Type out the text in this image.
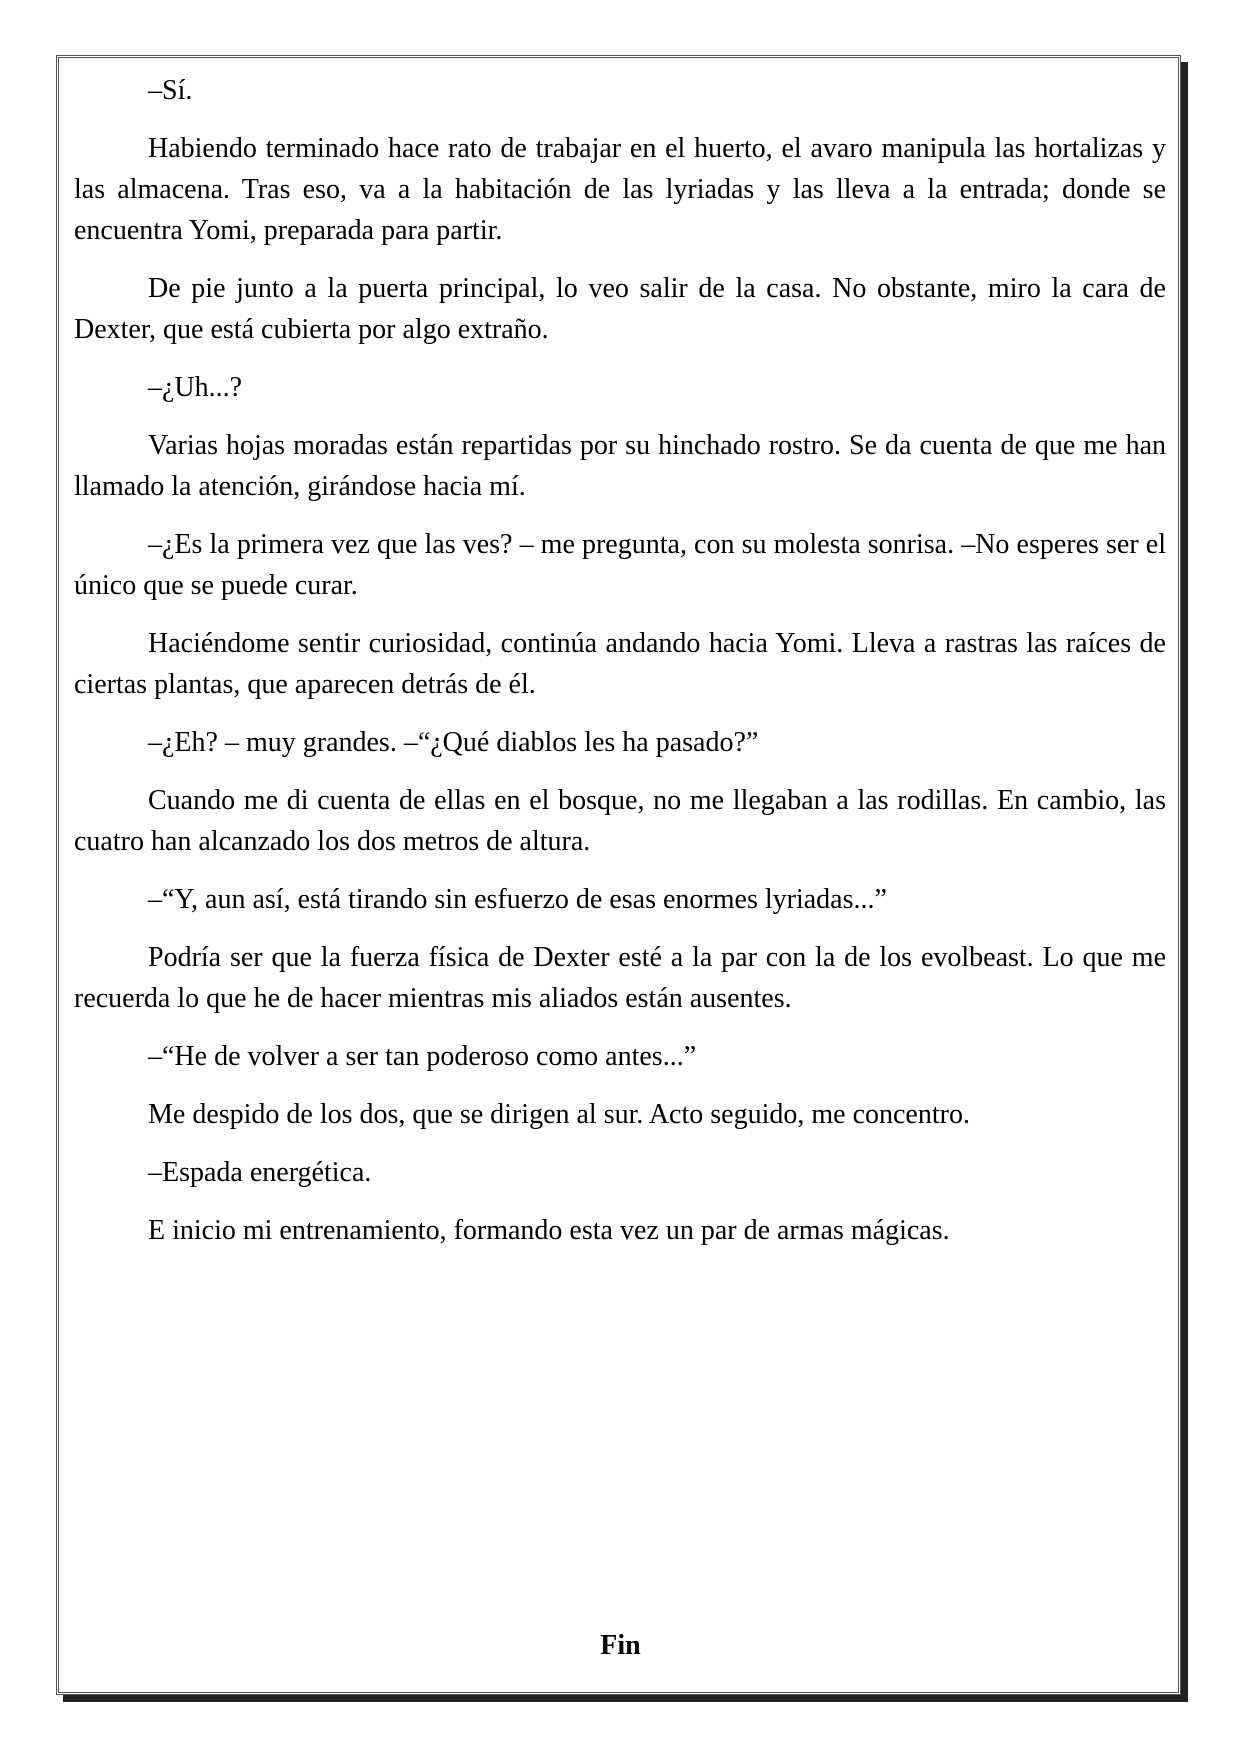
–Sí.

Habiendo terminado hace rato de trabajar en el huerto, el avaro manipula las hortalizas y las almacena. Tras eso, va a la habitación de las lyriadas y las lleva a la entrada; donde se encuentra Yomi, preparada para partir.

De pie junto a la puerta principal, lo veo salir de la casa. No obstante, miro la cara de Dexter, que está cubierta por algo extraño.

–¿Uh...?

Varias hojas moradas están repartidas por su hinchado rostro. Se da cuenta de que me han llamado la atención, girándose hacia mí.

–¿Es la primera vez que las ves? – me pregunta, con su molesta sonrisa. –No esperes ser el único que se puede curar.

Haciéndome sentir curiosidad, continúa andando hacia Yomi. Lleva a rastras las raíces de ciertas plantas, que aparecen detrás de él.

–¿Eh? – muy grandes. –“¿Qué diablos les ha pasado?”

Cuando me di cuenta de ellas en el bosque, no me llegaban a las rodillas. En cambio, las cuatro han alcanzado los dos metros de altura.

–“Y, aun así, está tirando sin esfuerzo de esas enormes lyriadas...”

Podría ser que la fuerza física de Dexter esté a la par con la de los evolbeast. Lo que me recuerda lo que he de hacer mientras mis aliados están ausentes.

–“He de volver a ser tan poderoso como antes...”

Me despido de los dos, que se dirigen al sur. Acto seguido, me concentro.

–Espada energética.

E inicio mi entrenamiento, formando esta vez un par de armas mágicas.

Fin
